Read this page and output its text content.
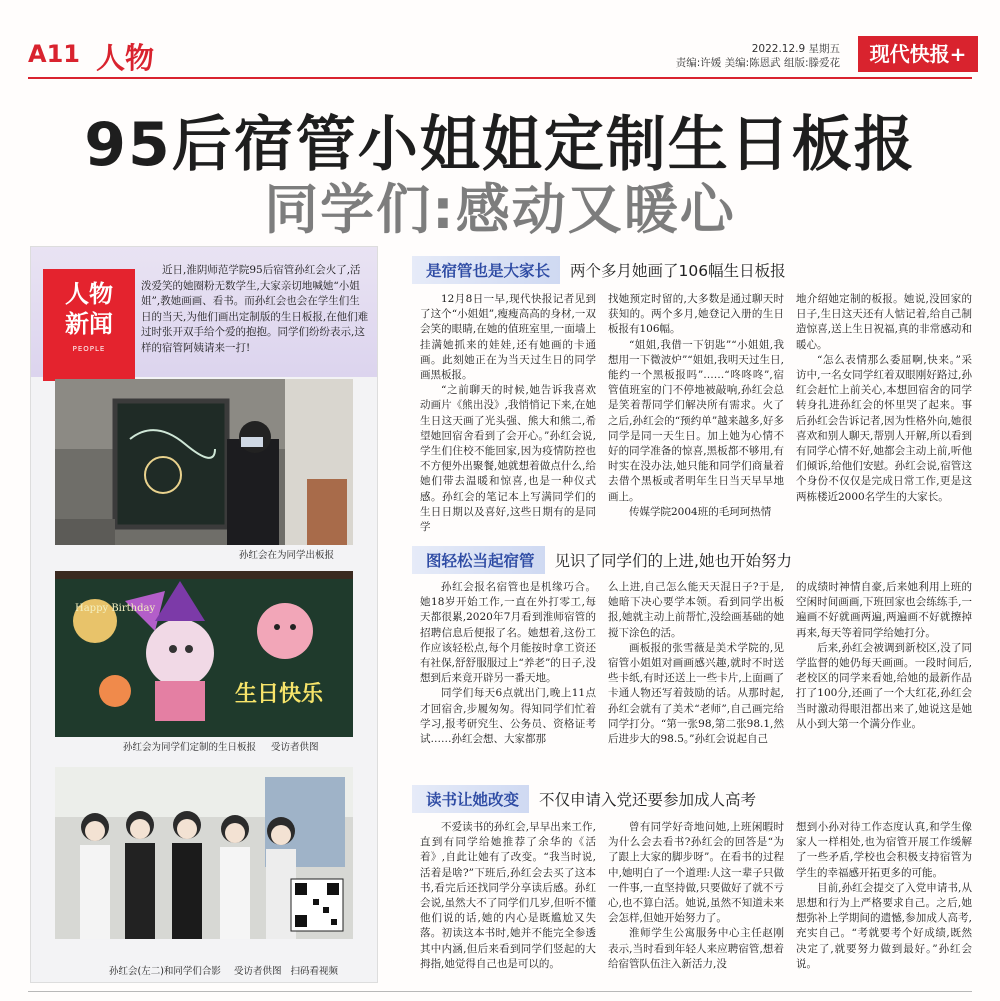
A11 人物	2022.12.9 星期五
责编:许媛 美编:陈恩武 组版:滕爱花	现代快报+
95后宿管小姐姐定制生日板报
同学们:感动又暖心
人物
新闻
PEOPLE
近日,淮阴师范学院95后宿管孙红会火了,活泼爱笑的她圈粉无数学生,大家亲切地喊她“小姐姐”,教她画画、看书。而孙红会也会在学生们生日的当天,为他们画出定制版的生日板报,在他们难过时张开双手给个爱的抱抱。同学们纷纷表示,这样的宿管阿姨请来一打!
孙红会在为同学出板报
Happy Birthday
生日快乐
孙红会为同学们定制的生日板报 受访者供图
孙红会(左二)和同学们合影 受访者供图 扫码看视频
是宿管也是大家长 两个多月她画了106幅生日板报

12月8日一早,现代快报记者见到了这个“小姐姐”,瘦瘦高高的身材,一双会笑的眼睛,在她的值班室里,一面墙上挂满她抓来的娃娃,还有她画的卡通画。此刻她正在为当天过生日的同学画黑板报。

“之前聊天的时候,她告诉我喜欢动画片《熊出没》,我悄悄记下来,在她生日这天画了光头强、熊大和熊二,希望她回宿舍看到了会开心。”孙红会说,学生们住校不能回家,因为疫情防控也不方便外出聚餐,她就想着做点什么,给她们带去温暖和惊喜,也是一种仪式感。孙红会的笔记本上写满同学们的生日日期以及喜好,这些日期有的是同学

找她预定时留的,大多数是通过聊天时获知的。两个多月,她登记入册的生日板报有106幅。

“姐姐,我借一下钥匙”“小姐姐,我想用一下微波炉”“姐姐,我明天过生日,能约一个黑板报吗”……“咚咚咚”,宿管值班室的门不停地被敲响,孙红会总是笑着帮同学们解决所有需求。火了之后,孙红会的“预约单”越来越多,好多同学是同一天生日。加上她为心情不好的同学准备的惊喜,黑板都不够用,有时实在没办法,她只能和同学们商量着去借个黑板或者明年生日当天早早地画上。

传媒学院2004班的毛珂珂热情

地介绍她定制的板报。她说,没回家的日子,生日这天还有人惦记着,给自己制造惊喜,送上生日祝福,真的非常感动和暖心。

“怎么表情那么委屈啊,快来。”采访中,一名女同学红着双眼刚好路过,孙红会赶忙上前关心,本想回宿舍的同学转身扎进孙红会的怀里哭了起来。事后孙红会告诉记者,因为性格外向,她很喜欢和别人聊天,帮别人开解,所以看到有同学心情不好,她都会主动上前,听他们倾诉,给他们安慰。孙红会说,宿管这个身份不仅仅是完成日常工作,更是这两栋楼近2000名学生的大家长。

图轻松当起宿管 见识了同学们的上进,她也开始努力

孙红会报名宿管也是机缘巧合。她18岁开始工作,一直在外打零工,每天都很累,2020年7月看到淮师宿管的招聘信息后便报了名。她想着,这份工作应该轻松点,每个月能按时拿工资还有社保,舒舒服服过上“养老”的日子,没想到后来竟开辟另一番天地。

同学们每天6点就出门,晚上11点才回宿舍,步履匆匆。得知同学们忙着学习,报考研究生、公务员、资格证考试……孙红会想、大家都那

么上进,自己怎么能天天混日子?于是,她暗下决心要学本领。看到同学出板报,她就主动上前帮忙,没绘画基础的她搅下涂色的活。

画板报的张雪薇是美术学院的,见宿管小姐姐对画画感兴趣,就时不时送些卡纸,有时还送上一些卡片,上面画了卡通人物还写着鼓励的话。从那时起,孙红会就有了美术“老师”,自己画完给同学打分。“第一张98,第二张98.1,然后进步大的98.5。”孙红会说起自己

的成绩时神情自豪,后来她利用上班的空闲时间画画,下班回家也会练练手,一遍画不好就画两遍,两遍画不好就擦掉再来,每天等着同学给她打分。

后来,孙红会被调到新校区,没了同学监督的她仍每天画画。一段时间后,老校区的同学来看她,给她的最新作品打了100分,还画了一个大红花,孙红会当时激动得眼泪都出来了,她说这是她从小到大第一个满分作业。

读书让她改变 不仅申请入党还要参加成人高考

不爱读书的孙红会,早早出来工作,直到有同学给她推荐了余华的《活着》,自此让她有了改变。“我当时说,活着是啥?”下班后,孙红会去买了这本书,看完后还找同学分享读后感。孙红会说,虽然大不了同学们几岁,但听不懂他们说的话,她的内心是既尴尬又失落。初读这本书时,她并不能完全参透其中内涵,但后来看到同学们竖起的大拇指,她觉得自己也是可以的。

曾有同学好奇地问她,上班闲暇时为什么会去看书?孙红会的回答是“为了跟上大家的脚步呀”。在看书的过程中,她明白了一个道理:人这一辈子只做一件事,一直坚持做,只要做好了就不亏心,也不算白活。她说,虽然不知道未来会怎样,但她开始努力了。

淮师学生公寓服务中心主任赵刚表示,当时看到年轻人来应聘宿管,想着给宿管队伍注入新活力,没

想到小孙对待工作态度认真,和学生像家人一样相处,也为宿管开展工作缓解了一些矛盾,学校也会积极支持宿管为学生的幸福感开拓更多的可能。

目前,孙红会提交了入党申请书,从思想和行为上严格要求自己。之后,她想弥补上学期间的遗憾,参加成人高考,充实自己。“考就要考个好成绩,既然决定了,就要努力做到最好。”孙红会说。
